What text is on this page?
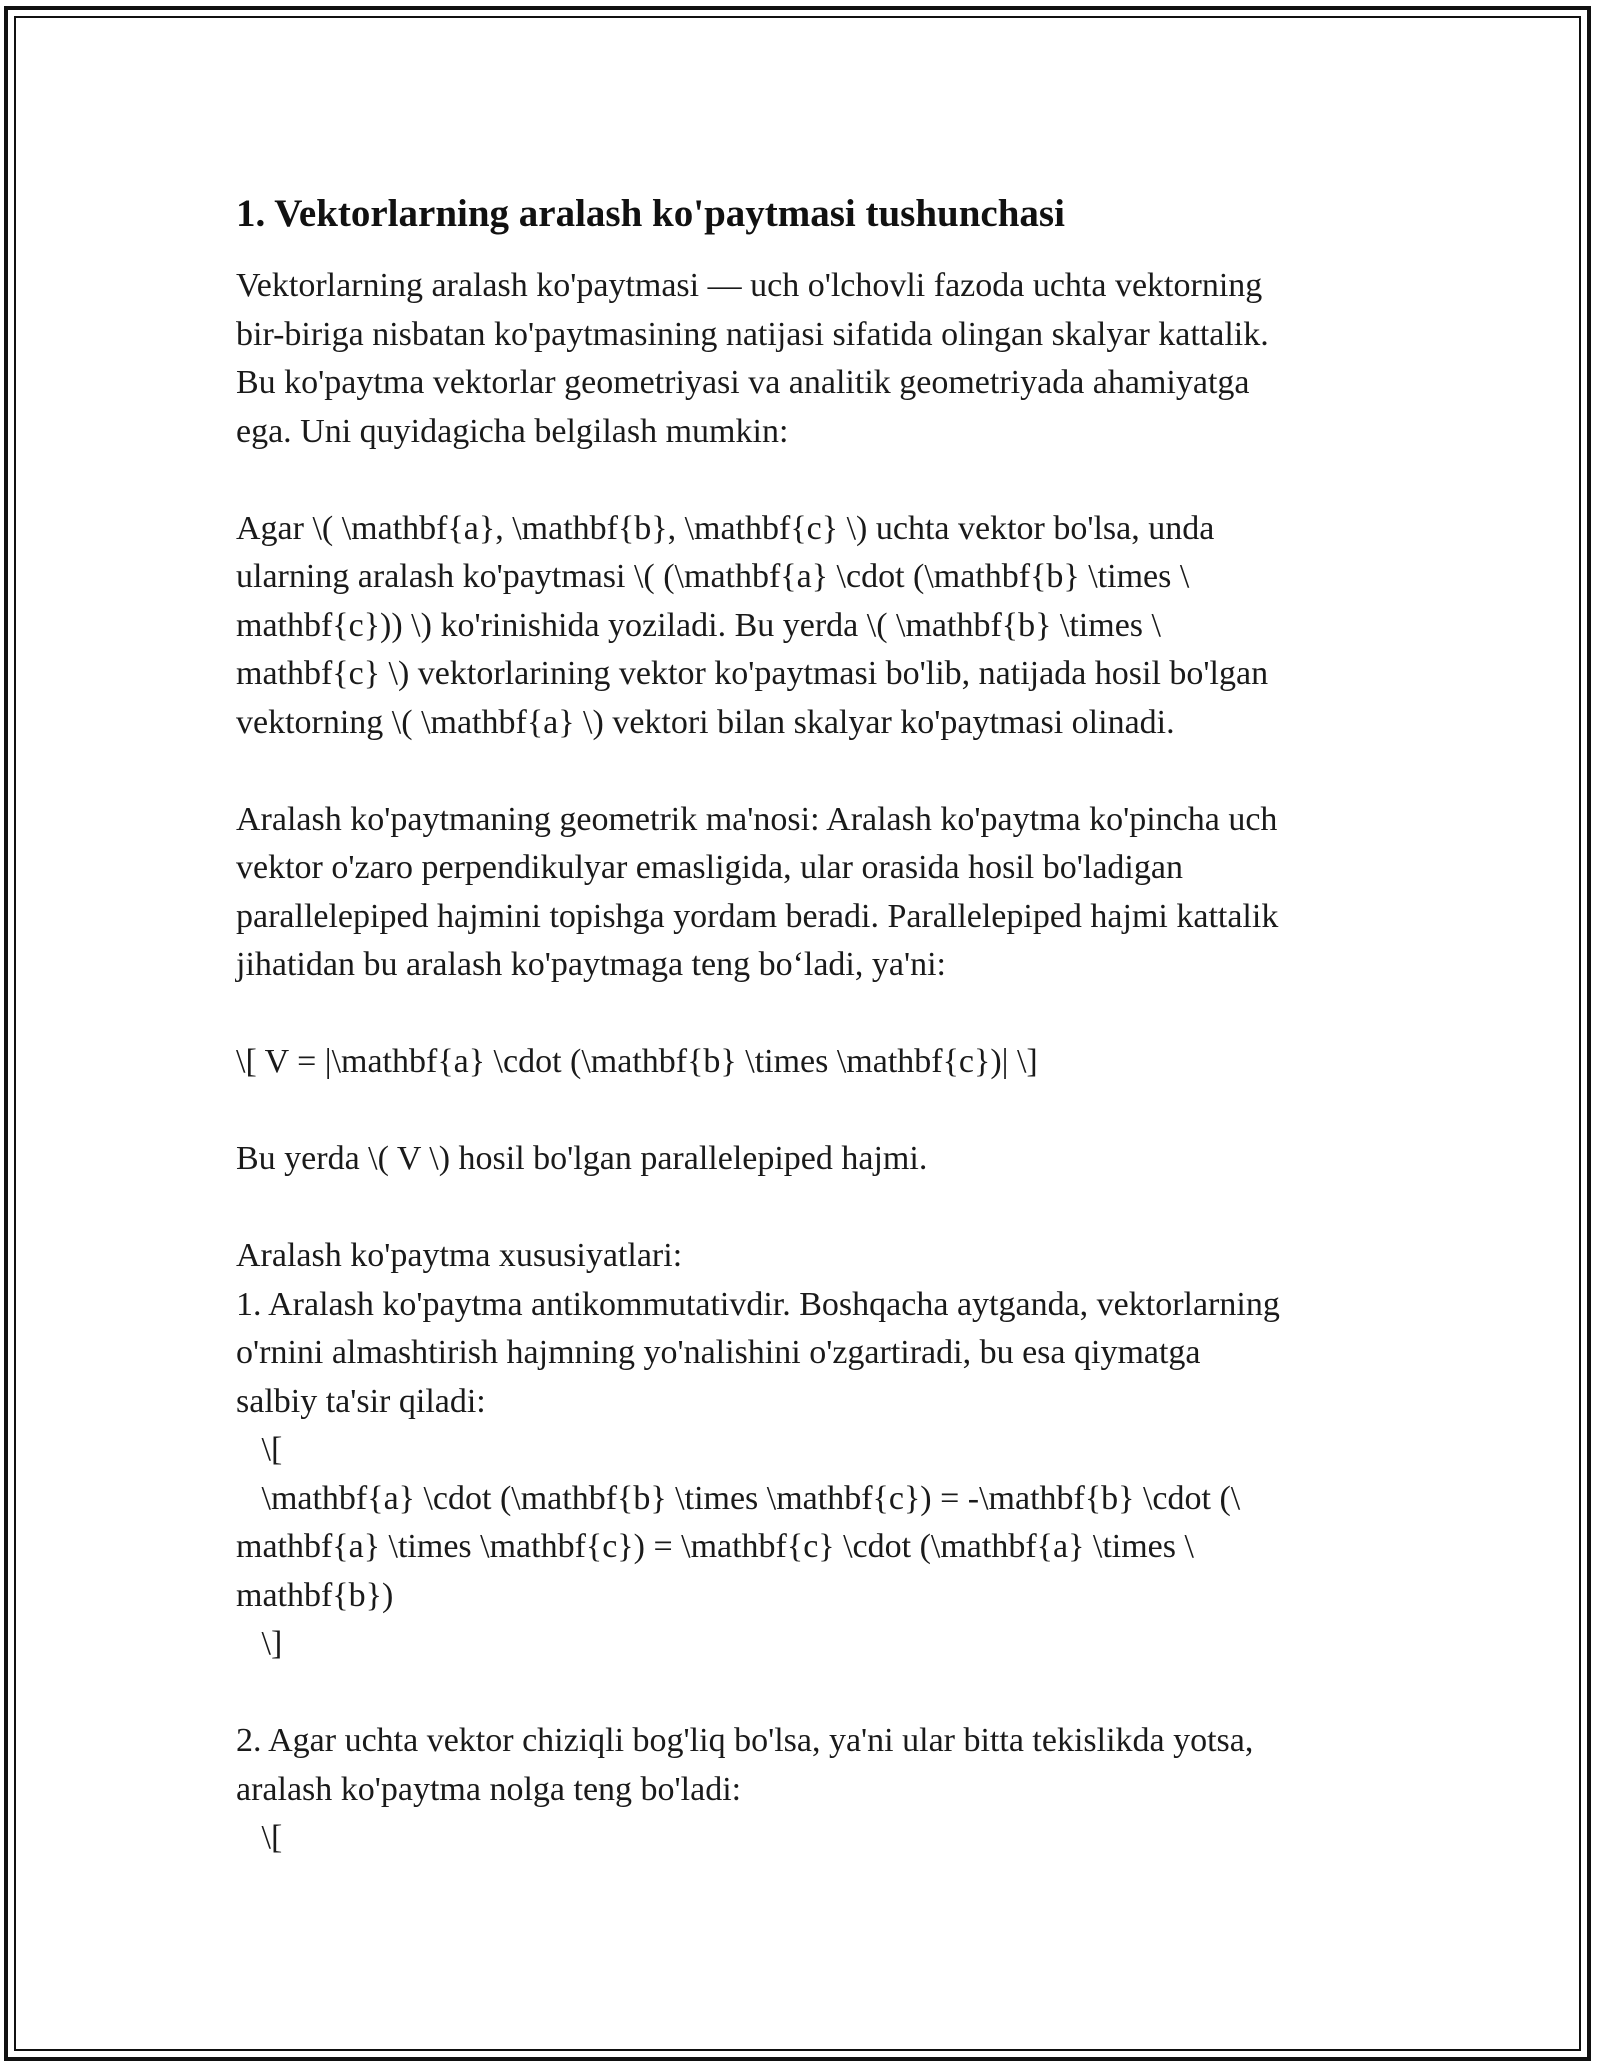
1. Vektorlarning aralash ko'paytmasi tushunchasi

Vektorlarning aralash ko'paytmasi — uch o'lchovli fazoda uchta vektorning
bir-biriga nisbatan ko'paytmasining natijasi sifatida olingan skalyar kattalik.
Bu ko'paytma vektorlar geometriyasi va analitik geometriyada ahamiyatga
ega. Uni quyidagicha belgilash mumkin:

Agar \( \mathbf{a}, \mathbf{b}, \mathbf{c} \) uchta vektor bo'lsa, unda
ularning aralash ko'paytmasi \( (\mathbf{a} \cdot (\mathbf{b} \times \
mathbf{c})) \) ko'rinishida yoziladi. Bu yerda \( \mathbf{b} \times \
mathbf{c} \) vektorlarining vektor ko'paytmasi bo'lib, natijada hosil bo'lgan
vektorning \( \mathbf{a} \) vektori bilan skalyar ko'paytmasi olinadi.

Aralash ko'paytmaning geometrik ma'nosi: Aralash ko'paytma ko'pincha uch
vektor o'zaro perpendikulyar emasligida, ular orasida hosil bo'ladigan
parallelepiped hajmini topishga yordam beradi. Parallelepiped hajmi kattalik
jihatidan bu aralash ko'paytmaga teng bo‘ladi, ya'ni:

\[ V = |\mathbf{a} \cdot (\mathbf{b} \times \mathbf{c})| \]

Bu yerda \( V \) hosil bo'lgan parallelepiped hajmi.

Aralash ko'paytma xususiyatlari:
1. Aralash ko'paytma antikommutativdir. Boshqacha aytganda, vektorlarning
o'rnini almashtirish hajmning yo'nalishini o'zgartiradi, bu esa qiymatga
salbiy ta'sir qiladi:
\[
\mathbf{a} \cdot (\mathbf{b} \times \mathbf{c}) = -\mathbf{b} \cdot (\
mathbf{a} \times \mathbf{c}) = \mathbf{c} \cdot (\mathbf{a} \times \
mathbf{b})
\]

2. Agar uchta vektor chiziqli bog'liq bo'lsa, ya'ni ular bitta tekislikda yotsa,
aralash ko'paytma nolga teng bo'ladi:
\[
